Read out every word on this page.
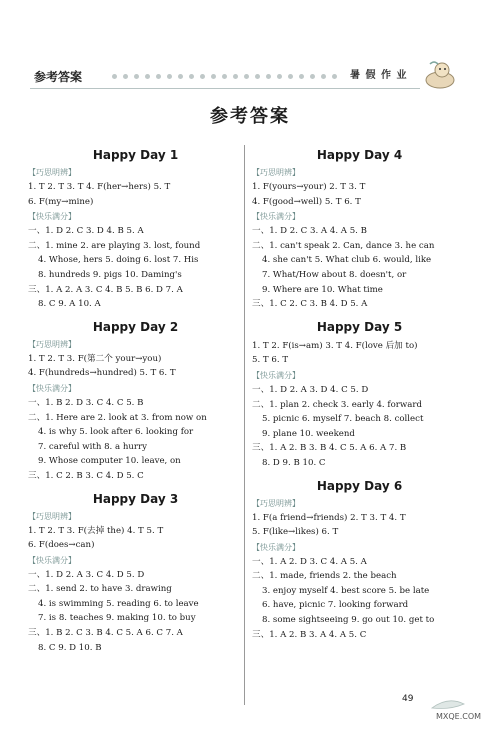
参考答案	暑 假 作 业
参考答案
Happy Day 1
【巧思明辨】
1. T 2. T 3. T 4. F(her→hers) 5. T
6. F(my→mine)
【快乐满分】
一、1. D 2. C 3. D 4. B 5. A
二、1. mine 2. are playing 3. lost, found
4. Whose, hers 5. doing 6. lost 7. His
8. hundreds 9. pigs 10. Daming's
三、1. A 2. A 3. C 4. B 5. B 6. D 7. A
8. C 9. A 10. A
Happy Day 2
【巧思明辨】
1. T 2. T 3. F(第二个 your→you)
4. F(hundreds→hundred) 5. T 6. T
【快乐满分】
一、1. B 2. D 3. C 4. C 5. B
二、1. Here are 2. look at 3. from now on
4. is why 5. look after 6. looking for
7. careful with 8. a hurry
9. Whose computer 10. leave, on
三、1. C 2. B 3. C 4. D 5. C
Happy Day 3
【巧思明辨】
1. T 2. T 3. F(去掉 the) 4. T 5. T
6. F(does→can)
【快乐满分】
一、1. D 2. A 3. C 4. D 5. D
二、1. send 2. to have 3. drawing
4. is swimming 5. reading 6. to leave
7. is 8. teaches 9. making 10. to buy
三、1. B 2. C 3. B 4. C 5. A 6. C 7. A
8. C 9. D 10. B
Happy Day 4
【巧思明辨】
1. F(yours→your) 2. T 3. T
4. F(good→well) 5. T 6. T
【快乐满分】
一、1. D 2. C 3. A 4. A 5. B
二、1. can't speak 2. Can, dance 3. he can
4. she can't 5. What club 6. would, like
7. What/How about 8. doesn't, or
9. Where are 10. What time
三、1. C 2. C 3. B 4. D 5. A
Happy Day 5
1. T 2. F(is→am) 3. T 4. F(love 后加 to)
5. T 6. T
【快乐满分】
一、1. D 2. A 3. D 4. C 5. D
二、1. plan 2. check 3. early 4. forward
5. picnic 6. myself 7. beach 8. collect
9. plane 10. weekend
三、1. A 2. B 3. B 4. C 5. A 6. A 7. B
8. D 9. B 10. C
Happy Day 6
【巧思明辨】
1. F(a friend→friends) 2. T 3. T 4. T
5. F(like→likes) 6. T
【快乐满分】
一、1. A 2. D 3. C 4. A 5. A
二、1. made, friends 2. the beach
3. enjoy myself 4. best score 5. be late
6. have, picnic 7. looking forward
8. some sightseeing 9. go out 10. get to
三、1. A 2. B 3. A 4. A 5. C
49
MXQE.COM
